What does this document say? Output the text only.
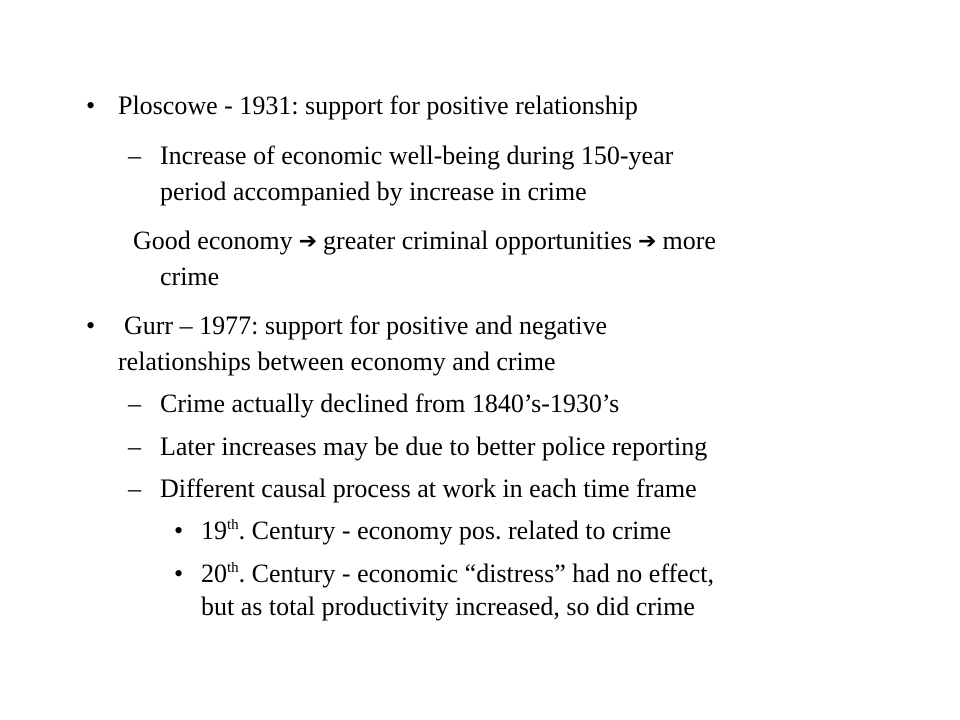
• Ploscowe - 1931: support for positive relationship
– Increase of economic well-being during 150-year
period accompanied by increase in crime
Good economy ➔ greater criminal opportunities ➔ more
crime
• Gurr – 1977: support for positive and negative
relationships between economy and crime
– Crime actually declined from 1840’s-1930’s
– Later increases may be due to better police reporting
– Different causal process at work in each time frame
• 19th. Century - economy pos. related to crime
• 20th. Century - economic “distress” had no effect,
but as total productivity increased, so did crime
